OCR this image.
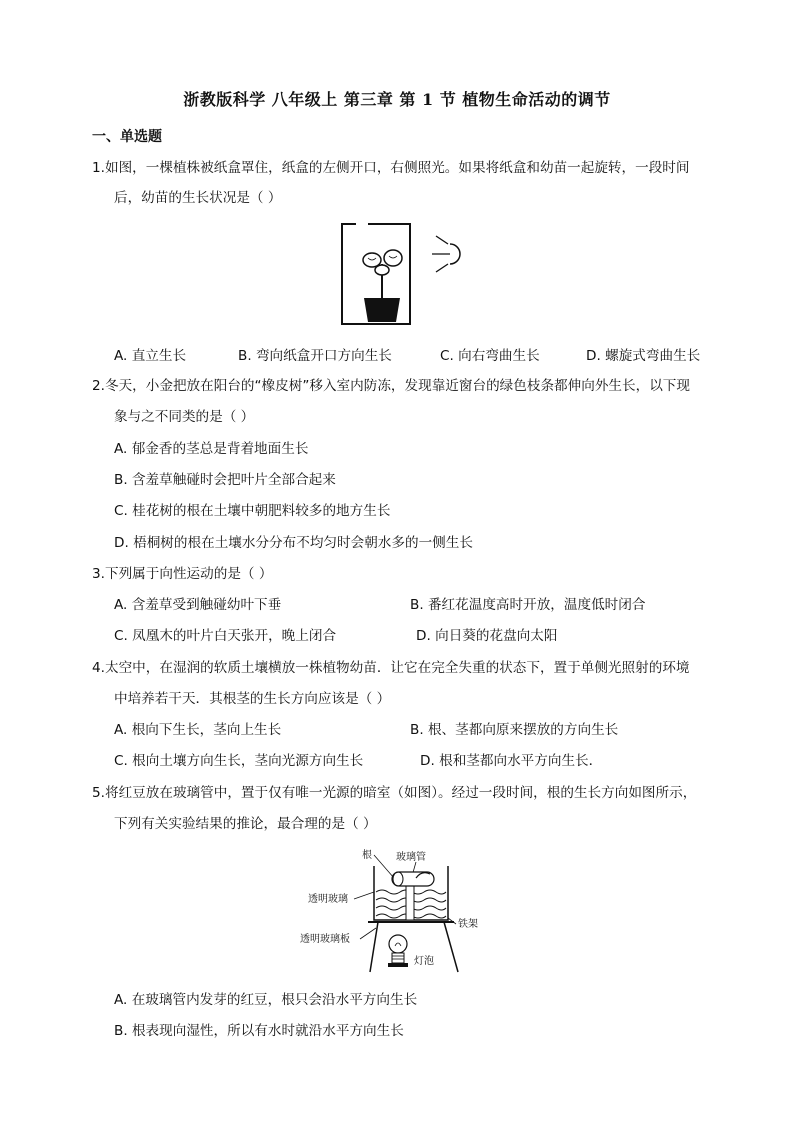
浙教版科学 八年级上 第三章 第 1 节 植物生命活动的调节
一、单选题
1.如图，一棵植株被纸盒罩住，纸盒的左侧开口，右侧照光。如果将纸盒和幼苗一起旋转，一段时间
后，幼苗的生长状况是（ ）
A. 直立生长	B. 弯向纸盒开口方向生长	C. 向右弯曲生长	D. 螺旋式弯曲生长
2.冬天，小金把放在阳台的“橡皮树”移入室内防冻，发现靠近窗台的绿色枝条都伸向外生长，以下现
象与之不同类的是（ ）
A. 郁金香的茎总是背着地面生长
B. 含羞草触碰时会把叶片全部合起来
C. 桂花树的根在土壤中朝肥料较多的地方生长
D. 梧桐树的根在土壤水分分布不均匀时会朝水多的一侧生长
3.下列属于向性运动的是（ ）
A. 含羞草受到触碰幼叶下垂	B. 番红花温度高时开放，温度低时闭合
C. 凤凰木的叶片白天张开，晚上闭合	D. 向日葵的花盘向太阳
4.太空中，在湿润的软质土壤横放一株植物幼苗．让它在完全失重的状态下，置于单侧光照射的环境
中培养若干天．其根茎的生长方向应该是（ ）
A. 根向下生长，茎向上生长	B. 根、茎都向原来摆放的方向生长
C. 根向土壤方向生长，茎向光源方向生长	D. 根和茎都向水平方向生长．
5.将红豆放在玻璃管中，置于仅有唯一光源的暗室（如图）。经过一段时间，根的生长方向如图所示，
下列有关实验结果的推论，最合理的是（ ）
根 玻璃管
透明玻璃
铁架
透明玻璃板
灯泡
A. 在玻璃管内发芽的红豆，根只会沿水平方向生长
B. 根表现向湿性，所以有水时就沿水平方向生长
